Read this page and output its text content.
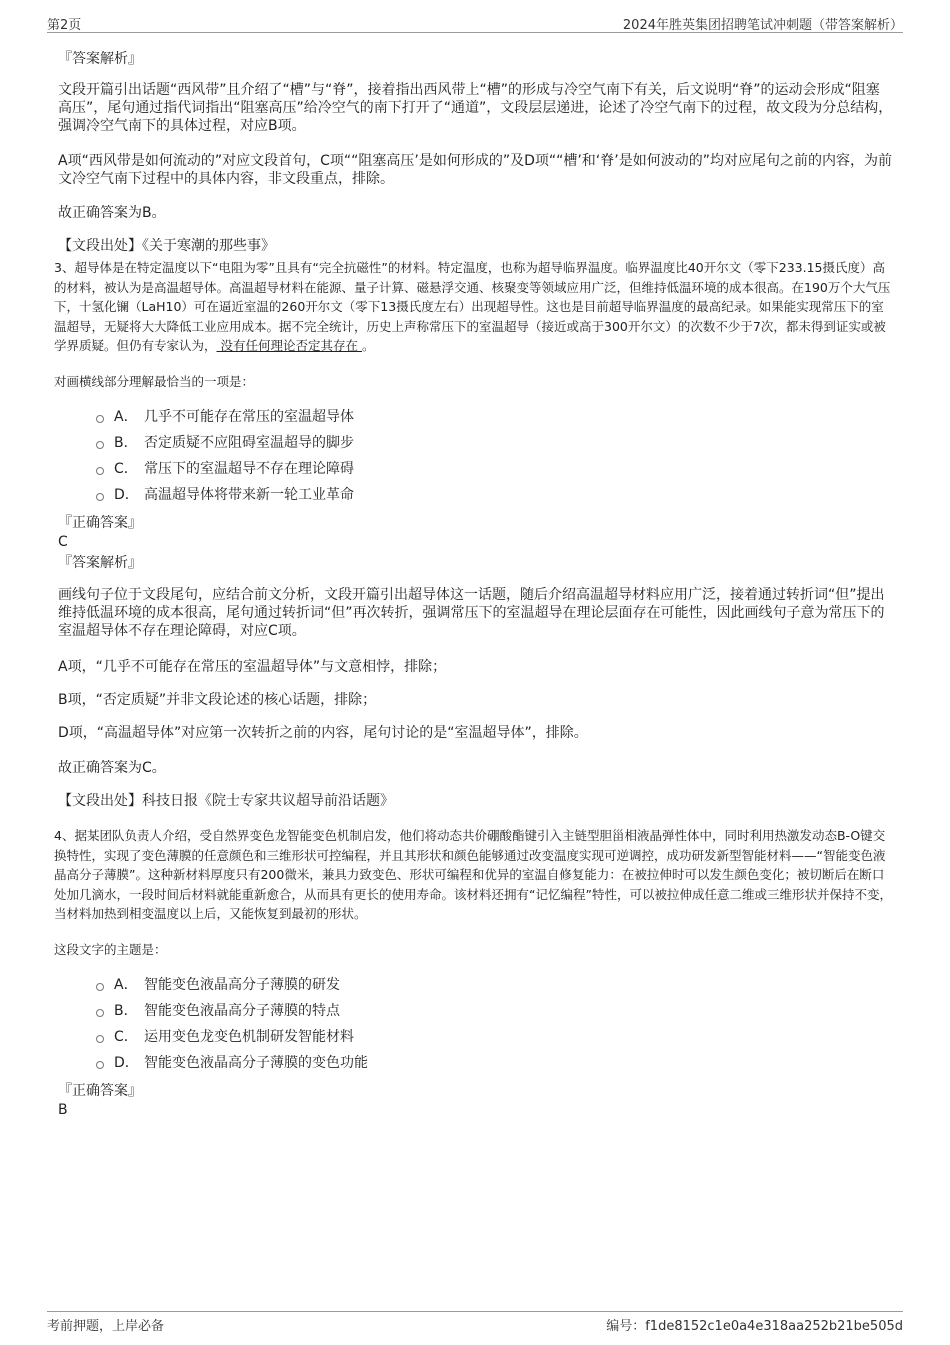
第2页	2024年胜英集团招聘笔试冲刺题（带答案解析）
『答案解析』
文段开篇引出话题“西风带”且介绍了“槽”与“脊”，接着指出西风带上“槽”的形成与冷空气南下有关，后文说明“脊”的运动会形成“阻塞高压”，尾句通过指代词指出“阻塞高压”给冷空气的南下打开了“通道”，文段层层递进，论述了冷空气南下的过程，故文段为分总结构，强调冷空气南下的具体过程，对应B项。
A项“西风带是如何流动的”对应文段首句，C项““阻塞高压’是如何形成的”及D项““槽’和‘脊’是如何波动的”均对应尾句之前的内容，为前文冷空气南下过程中的具体内容，非文段重点，排除。
故正确答案为B。
【文段出处】《关于寒潮的那些事》
3、超导体是在特定温度以下“电阻为零”且具有“完全抗磁性”的材料。特定温度，也称为超导临界温度。临界温度比40开尔文（零下233.15摄氏度）高的材料，被认为是高温超导体。高温超导材料在能源、量子计算、磁悬浮交通、核聚变等领域应用广泛，但维持低温环境的成本很高。在190万个大气压下，十氢化镧（LaH10）可在逼近室温的260开尔文（零下13摄氏度左右）出现超导性。这也是目前超导临界温度的最高纪录。如果能实现常压下的室温超导，无疑将大大降低工业应用成本。据不完全统计，历史上声称常压下的室温超导（接近或高于300开尔文）的次数不少于7次，都未得到证实或被学界质疑。但仍有专家认为， 没有任何理论否定其存在 。
对画横线部分理解最恰当的一项是：
A． 几乎不可能存在常压的室温超导体
B． 否定质疑不应阻碍室温超导的脚步
C． 常压下的室温超导不存在理论障碍
D． 高温超导体将带来新一轮工业革命
『正确答案』
C
『答案解析』
画线句子位于文段尾句，应结合前文分析，文段开篇引出超导体这一话题，随后介绍高温超导材料应用广泛，接着通过转折词“但”提出维持低温环境的成本很高，尾句通过转折词“但”再次转折，强调常压下的室温超导在理论层面存在可能性，因此画线句子意为常压下的室温超导体不存在理论障碍，对应C项。
A项，“几乎不可能存在常压的室温超导体”与文意相悖，排除；
B项，“否定质疑”并非文段论述的核心话题，排除；
D项，“高温超导体”对应第一次转折之前的内容，尾句讨论的是“室温超导体”，排除。
故正确答案为C。
【文段出处】科技日报《院士专家共议超导前沿话题》
4、据某团队负责人介绍，受自然界变色龙智能变色机制启发，他们将动态共价硼酸酯键引入主链型胆甾相液晶弹性体中，同时利用热激发动态B-O键交换特性，实现了变色薄膜的任意颜色和三维形状可控编程，并且其形状和颜色能够通过改变温度实现可逆调控，成功研发新型智能材料——“智能变色液晶高分子薄膜”。这种新材料厚度只有200微米，兼具力致变色、形状可编程和优异的室温自修复能力：在被拉伸时可以发生颜色变化；被切断后在断口处加几滴水，一段时间后材料就能重新愈合，从而具有更长的使用寿命。该材料还拥有“记忆编程”特性，可以被拉伸成任意二维或三维形状并保持不变，当材料加热到相变温度以上后，又能恢复到最初的形状。
这段文字的主题是：
A． 智能变色液晶高分子薄膜的研发
B． 智能变色液晶高分子薄膜的特点
C． 运用变色龙变色机制研发智能材料
D． 智能变色液晶高分子薄膜的变色功能
『正确答案』
B
考前押题，上岸必备	编号：f1de8152c1e0a4e318aa252b21be505d
